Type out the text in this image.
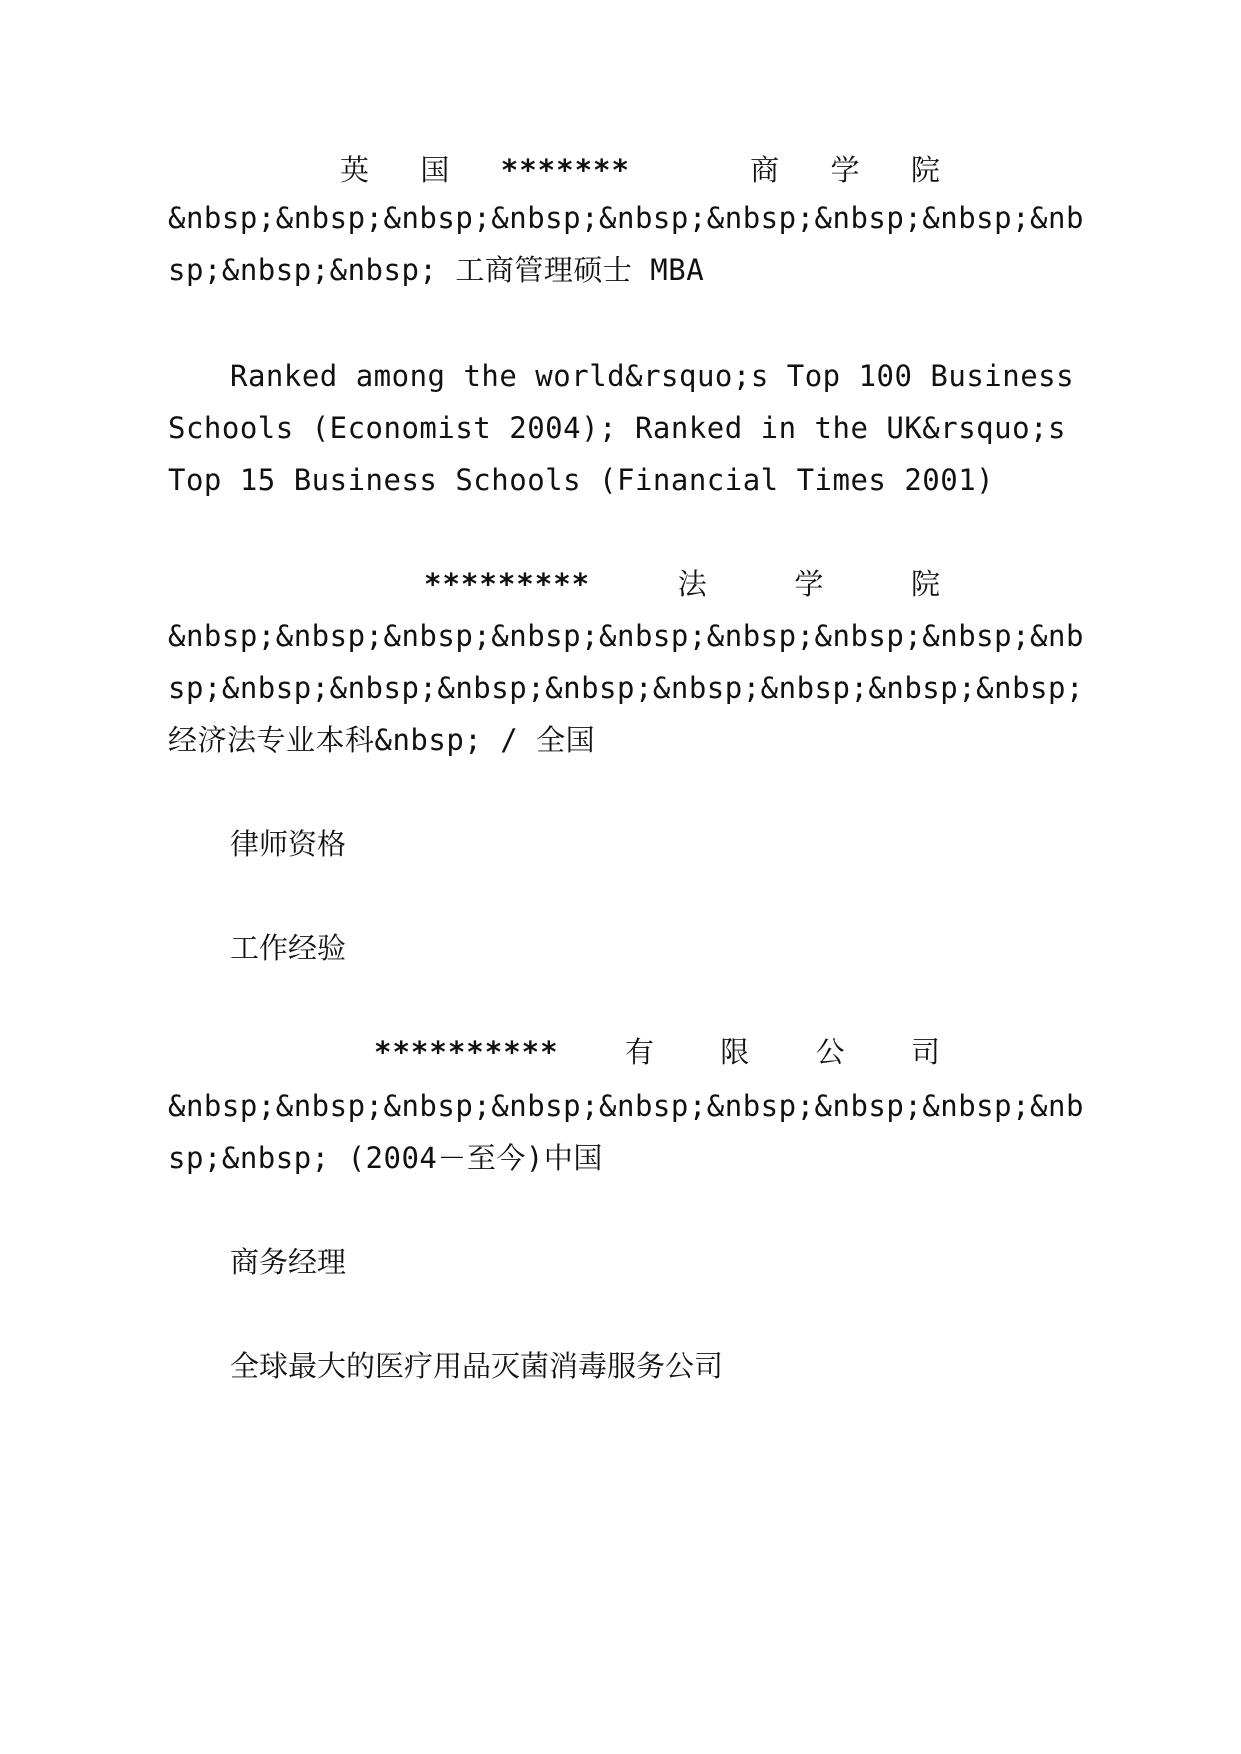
英 国 *******
	商 学 院
&nbsp;&nbsp;&nbsp;&nbsp;&nbsp;&nbsp;&nbsp;&nbsp;&nb
sp;&nbsp;&nbsp; 工商管理硕士 MBA
Ranked among the world&rsquo;s Top 100 Business
Schools (Economist 2004); Ranked in the UK&rsquo;s
Top 15 Business Schools (Financial Times 2001)
*********	法	学	院
&nbsp;&nbsp;&nbsp;&nbsp;&nbsp;&nbsp;&nbsp;&nbsp;&nb
sp;&nbsp;&nbsp;&nbsp;&nbsp;&nbsp;&nbsp;&nbsp;&nbsp;
经济法专业本科&nbsp; / 全国
律师资格
工作经验
********** 有 限 公 司
&nbsp;&nbsp;&nbsp;&nbsp;&nbsp;&nbsp;&nbsp;&nbsp;&nb
sp;&nbsp; (2004－至今)中国
商务经理
全球最大的医疗用品灭菌消毒服务公司
